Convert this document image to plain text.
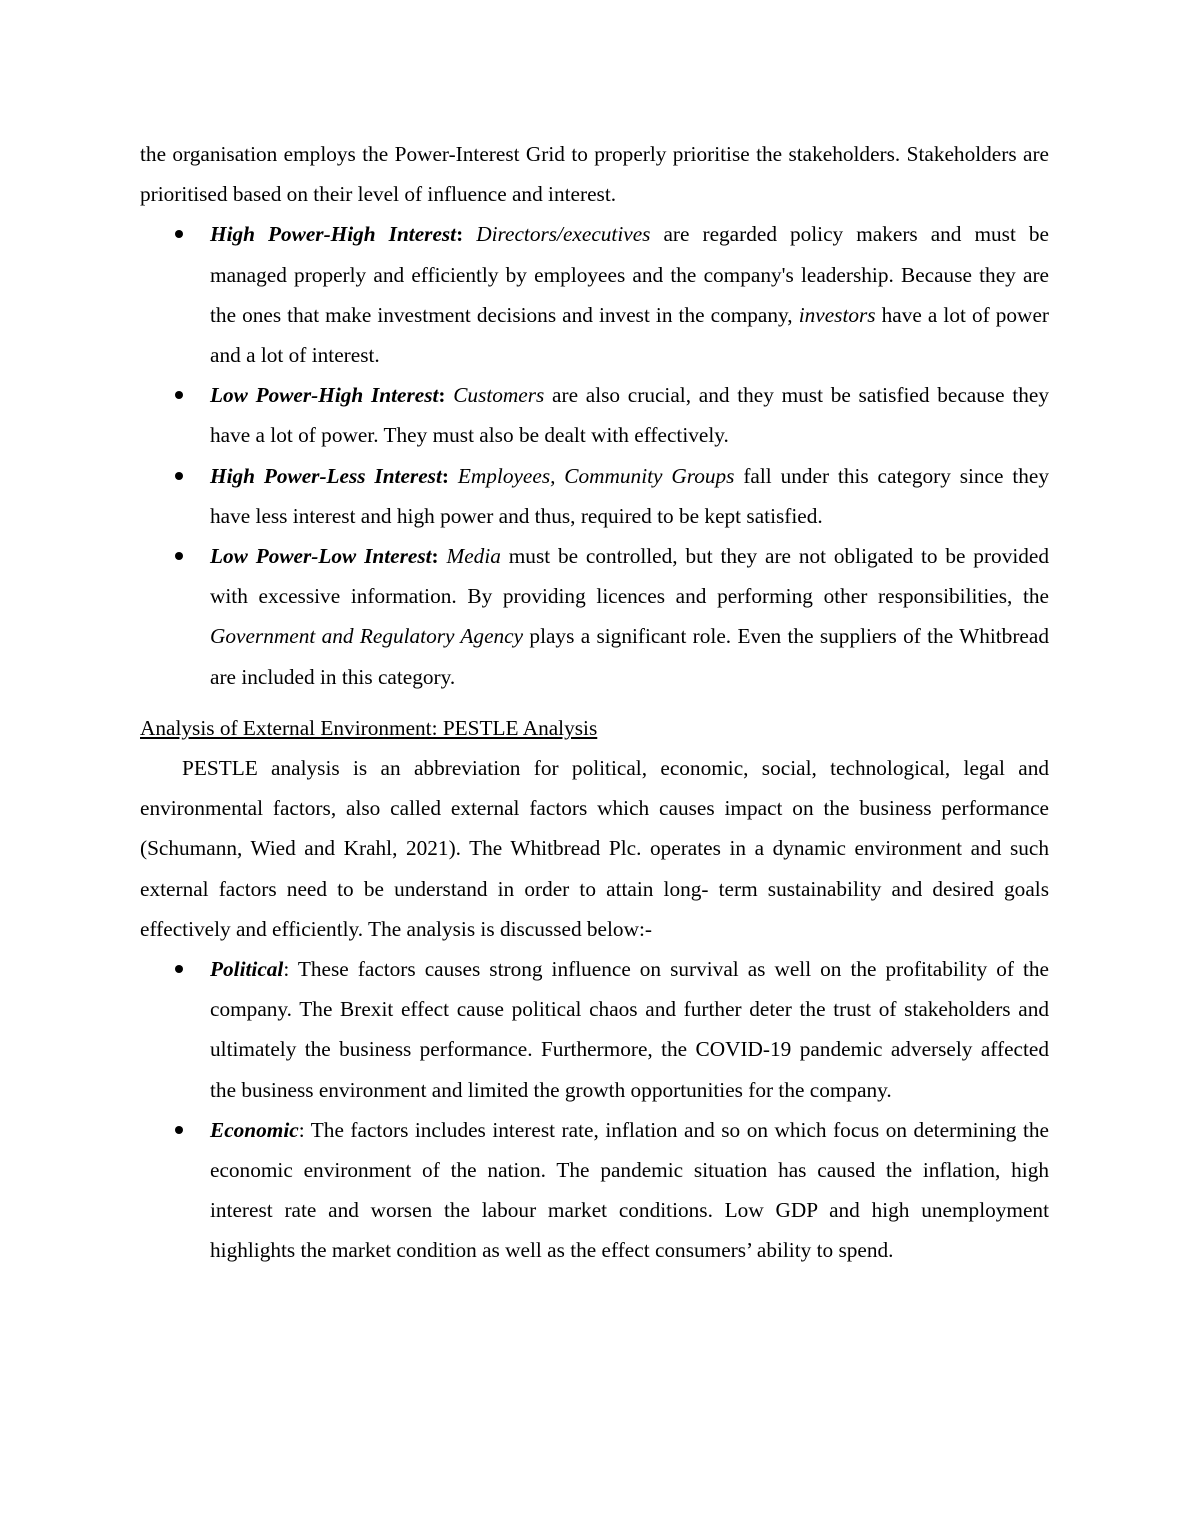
the organisation employs the Power-Interest Grid to properly prioritise the stakeholders. Stakeholders are prioritised based on their level of influence and interest.

High Power-High Interest: Directors/executives are regarded policy makers and must be managed properly and efficiently by employees and the company's leadership. Because they are the ones that make investment decisions and invest in the company, investors have a lot of power and a lot of interest.
Low Power-High Interest: Customers are also crucial, and they must be satisfied because they have a lot of power. They must also be dealt with effectively.
High Power-Less Interest: Employees, Community Groups fall under this category since they have less interest and high power and thus, required to be kept satisfied.
Low Power-Low Interest: Media must be controlled, but they are not obligated to be provided with excessive information. By providing licences and performing other responsibilities, the Government and Regulatory Agency plays a significant role. Even the suppliers of the Whitbread are included in this category.
Analysis of External Environment: PESTLE Analysis

PESTLE analysis is an abbreviation for political, economic, social, technological, legal and environmental factors, also called external factors which causes impact on the business performance (Schumann, Wied and Krahl, 2021). The Whitbread Plc. operates in a dynamic environment and such external factors need to be understand in order to attain long- term sustainability and desired goals effectively and efficiently. The analysis is discussed below:-

Political: These factors causes strong influence on survival as well on the profitability of the company. The Brexit effect cause political chaos and further deter the trust of stakeholders and ultimately the business performance. Furthermore, the COVID-19 pandemic adversely affected the business environment and limited the growth opportunities for the company.
Economic: The factors includes interest rate, inflation and so on which focus on determining the economic environment of the nation. The pandemic situation has caused the inflation, high interest rate and worsen the labour market conditions. Low GDP and high unemployment highlights the market condition as well as the effect consumers’ ability to spend.
